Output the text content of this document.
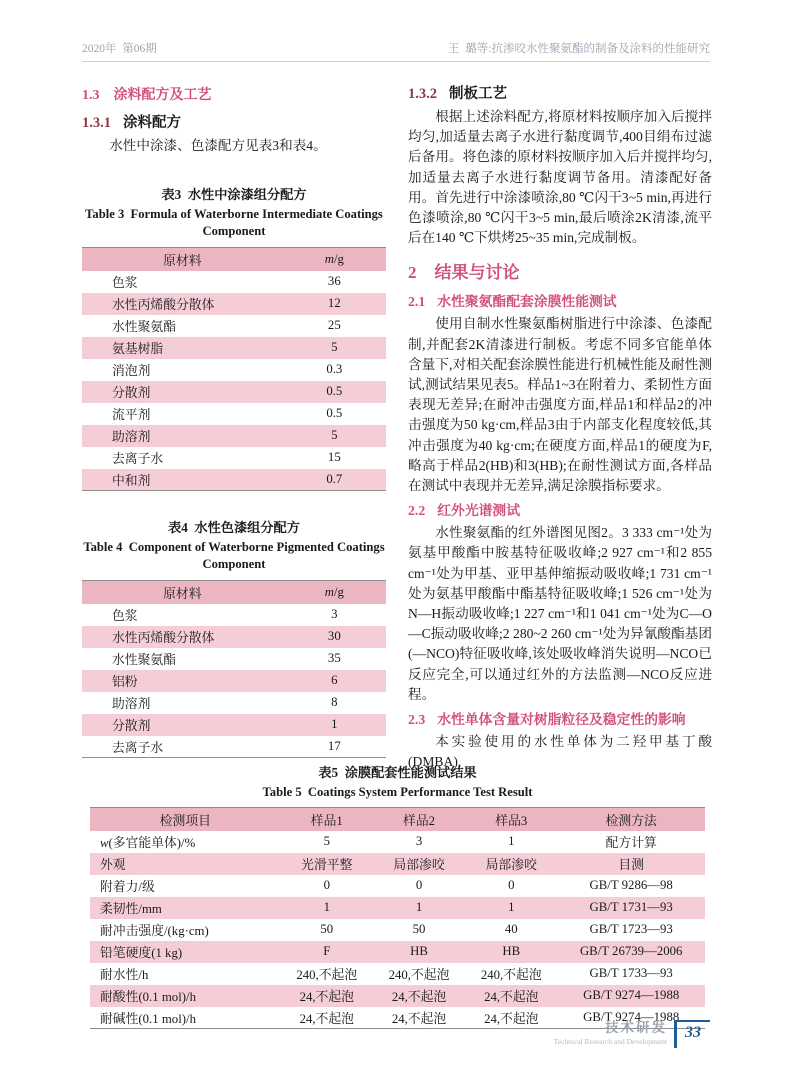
2020年 第06期	王 璐等:抗渗咬水性聚氨酯的制备及涂料的性能研究
1.3 涂料配方及工艺
1.3.1 涂料配方

水性中涂漆、色漆配方见表3和表4。

表3 水性中涂漆组分配方
Table 3 Formula of Waterborne Intermediate Coatings Component
原材料	m/g
色浆	36
水性丙烯酸分散体	12
水性聚氨酯	25
氨基树脂	5
消泡剂	0.3
分散剂	0.5
流平剂	0.5
助溶剂	5
去离子水	15
中和剂	0.7
表4 水性色漆组分配方
Table 4 Component of Waterborne Pigmented Coatings Component
原材料	m/g
色浆	3
水性丙烯酸分散体	30
水性聚氨酯	35
铝粉	6
助溶剂	8
分散剂	1
去离子水	17
1.3.2 制板工艺

根据上述涂料配方,将原材料按顺序加入后搅拌均匀,加适量去离子水进行黏度调节,400目绢布过滤后备用。将色漆的原材料按顺序加入后并搅拌均匀,加适量去离子水进行黏度调节备用。清漆配好备用。首先进行中涂漆喷涂,80 ℃闪干3~5 min,再进行色漆喷涂,80 ℃闪干3~5 min,最后喷涂2K清漆,流平后在140 ℃下烘烤25~35 min,完成制板。

2 结果与讨论
2.1 水性聚氨酯配套涂膜性能测试

使用自制水性聚氨酯树脂进行中涂漆、色漆配制,并配套2K清漆进行制板。考虑不同多官能单体含量下,对相关配套涂膜性能进行机械性能及耐性测试,测试结果见表5。样品1~3在附着力、柔韧性方面表现无差异;在耐冲击强度方面,样品1和样品2的冲击强度为50 kg·cm,样品3由于内部支化程度较低,其冲击强度为40 kg·cm;在硬度方面,样品1的硬度为F,略高于样品2(HB)和3(HB);在耐性测试方面,各样品在测试中表现并无差异,满足涂膜指标要求。

2.2 红外光谱测试

水性聚氨酯的红外谱图见图2。3 333 cm⁻¹处为氨基甲酸酯中胺基特征吸收峰;2 927 cm⁻¹和2 855 cm⁻¹处为甲基、亚甲基伸缩振动吸收峰;1 731 cm⁻¹处为氨基甲酸酯中酯基特征吸收峰;1 526 cm⁻¹处为N—H振动吸收峰;1 227 cm⁻¹和1 041 cm⁻¹处为C—O—C振动吸收峰;2 280~2 260 cm⁻¹处为异氰酸酯基团(—NCO)特征吸收峰,该处吸收峰消失说明—NCO已反应完全,可以通过红外的方法监测—NCO反应进程。

2.3 水性单体含量对树脂粒径及稳定性的影响

本实验使用的水性单体为二羟甲基丁酸(DMBA),

表5 涂膜配套性能测试结果
Table 5 Coatings System Performance Test Result
检测项目	样品1	样品2	样品3	检测方法
w(多官能单体)/%	5	3	1	配方计算
外观	光滑平整	局部渗咬	局部渗咬	目测
附着力/级	0	0	0	GB/T 9286—98
柔韧性/mm	1	1	1	GB/T 1731—93
耐冲击强度/(kg·cm)	50	50	40	GB/T 1723—93
铅笔硬度(1 kg)	F	HB	HB	GB/T 26739—2006
耐水性/h	240,不起泡	240,不起泡	240,不起泡	GB/T 1733—93
耐酸性(0.1 mol)/h	24,不起泡	24,不起泡	24,不起泡	GB/T 9274—1988
耐碱性(0.1 mol)/h	24,不起泡	24,不起泡	24,不起泡	GB/T 9274—1988
技术研发
Technical Research and Development
33
